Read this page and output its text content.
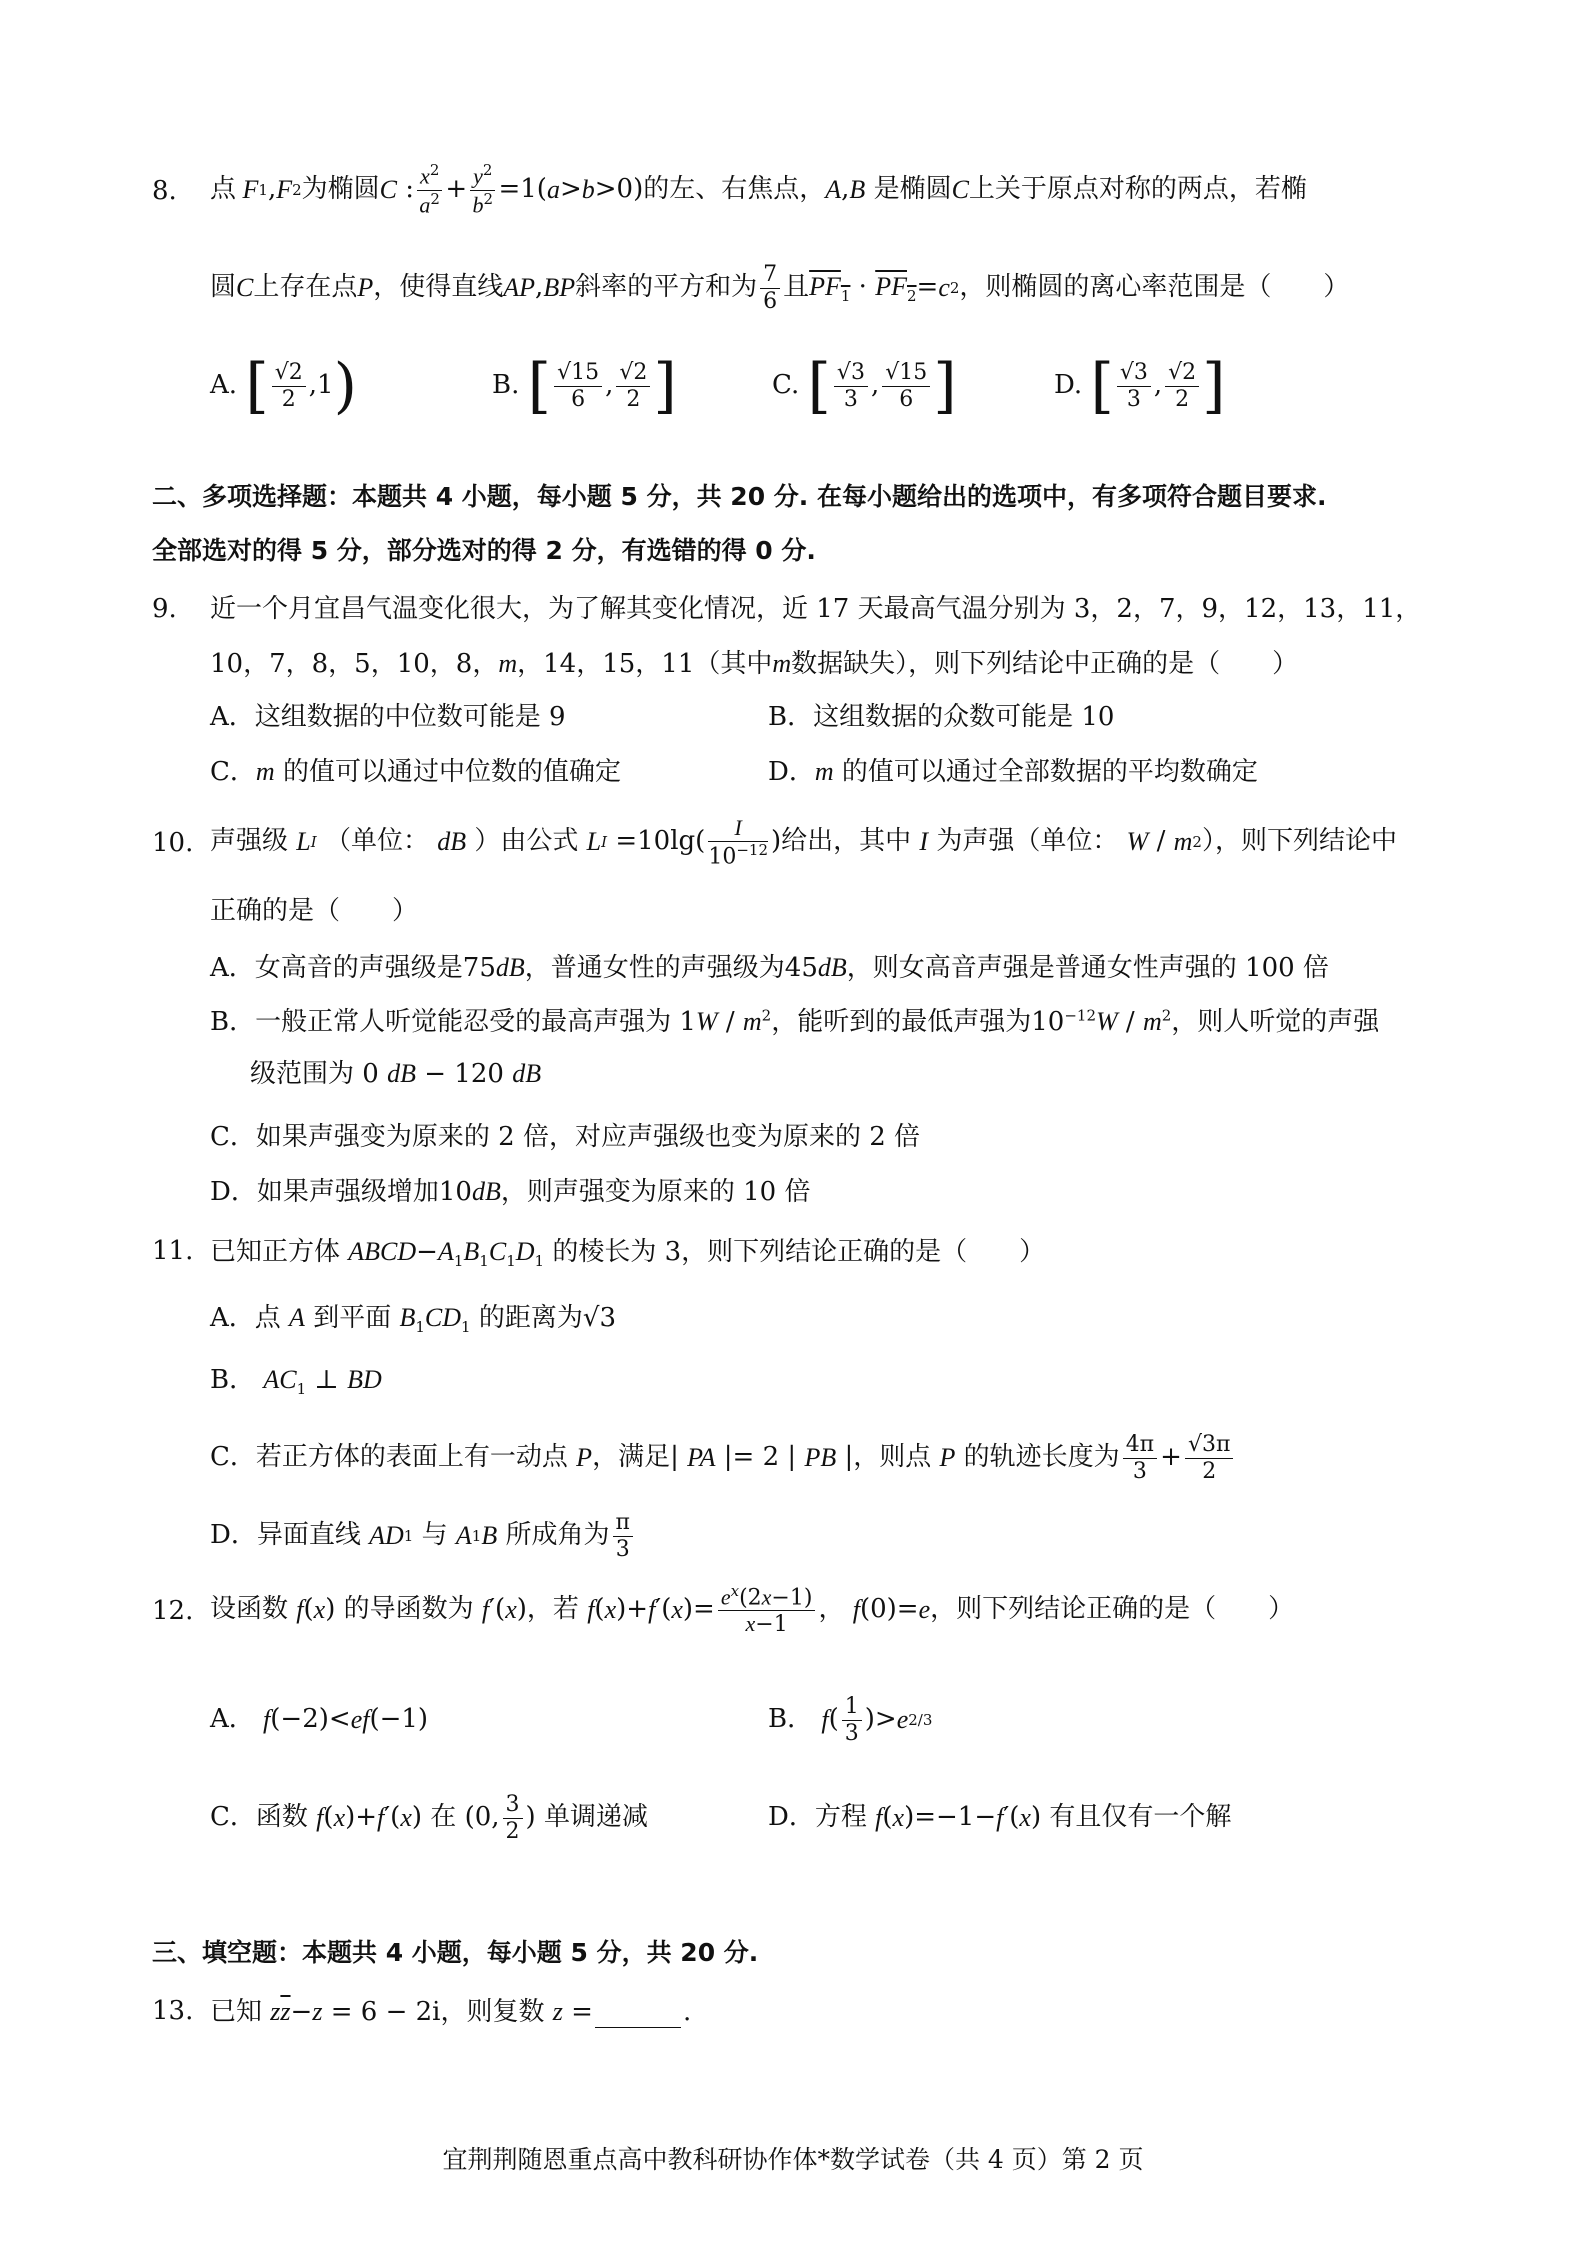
8. 点 F 1 , F 2 为椭圆 C : $\frac{x^2}{a^2} + \frac{y^2}{b^2} =1$( a > b >0) 的左、右焦点， A , B
是椭圆 C 上关于原点对称的两点，若椭
圆 C 上存在点 P ，使得直线 AP , BP 斜率的平方和为 $\frac{7}{6}$ 且 $PF_1 \cdot PF_2 = c$ 2 ，则椭圆的离心率范围是（　　）
A.
[ $\frac{√2}{2} ,1$ )	B.
[ $\frac{√15}{6}$ , $\frac{√2}{2}$ ]	C.
[ $\frac{√3}{3}$ , $\frac{√15}{6}$ ]	D.
[ $\frac{√3}{3}$ , $\frac{√2}{2}$ ]
二、多项选择题：本题共 4 小题，每小题 5 分，共 20 分. 在每小题给出的选项中，有多项符合题目要求.
全部选对的得 5 分，部分选对的得 2 分，有选错的得 0 分.
9. 近一个月宜昌气温变化很大，为了解其变化情况，近 17 天最高气温分别为 3，2，7，9，12，13，11，
10，7，8，5，10，8，m，14，15，11（其中m数据缺失），则下列结论中正确的是（　　）
A．这组数据的中位数可能是 9	B．这组数据的众数可能是 10
C．m 的值可以通过中位数的值确定	D．m 的值可以通过全部数据的平均数确定
10. 声强级
L I
（单位：
dB
）由公式
L $I =10\lg( \frac{I}{10^{-12}}$ ) 给出，其中
I
为声强（单位：
W / m 2 ），则下列结论中
正确的是（　　）
A．女高音的声强级是75dB，普通女性的声强级为45dB，则女高音声强是普通女性声强的 100 倍
B．一般正常人听觉能忍受的最高声强为 $1W / m^2$，能听到的最低声强为$10^{-12}W / m^2$，则人听觉的声强
级范围为 0 dB − 120 dB
C．如果声强变为原来的 2 倍，对应声强级也变为原来的 2 倍
D．如果声强级增加10dB，则声强变为原来的 10 倍
11. 已知正方体 $ABCD-A_1B_1C_1D_1$ 的棱长为 3，则下列结论正确的是（　　）
A．点 A 到平面 $B_1CD_1$ 的距离为√3
B． $AC_1$ ⊥ BD
C．若正方体的表面上有一动点
P ，满足 | PA |= 2 | PB | ，则点
P
的轨迹长度为 $\frac{4\pi}{3} + \frac{√3\pi}{2}$
D．异面直线
AD 1
与
A 1 B
所成角为 $\frac{\pi}{3}$
12. 设函数
f ( x ) 的导函数为
f ′( x ) ，若
f ( x )+ f ′( x )= $\frac{e^x(2x-1)}{x-1}$ ，
f (0)= e ，则下列结论正确的是（　　）
A．
f (−2)< ef (−1)	B．
f ( $\frac{1}{3}$ )> e 2/3
C．函数
f ( x )+ f ′( x ) 在 (0, $\frac{3}{2}$ ) 单调递减	D．方程
f ( x )=−1− f ′( x ) 有且仅有一个解
三、填空题：本题共 4 小题，每小题 5 分，共 20 分.
13. 已知 $z\overline{z}-z = 6 - 2i$，则复数 z =	.
宜荆荆随恩重点高中教科研协作体*数学试卷（共 4 页）第 2 页
